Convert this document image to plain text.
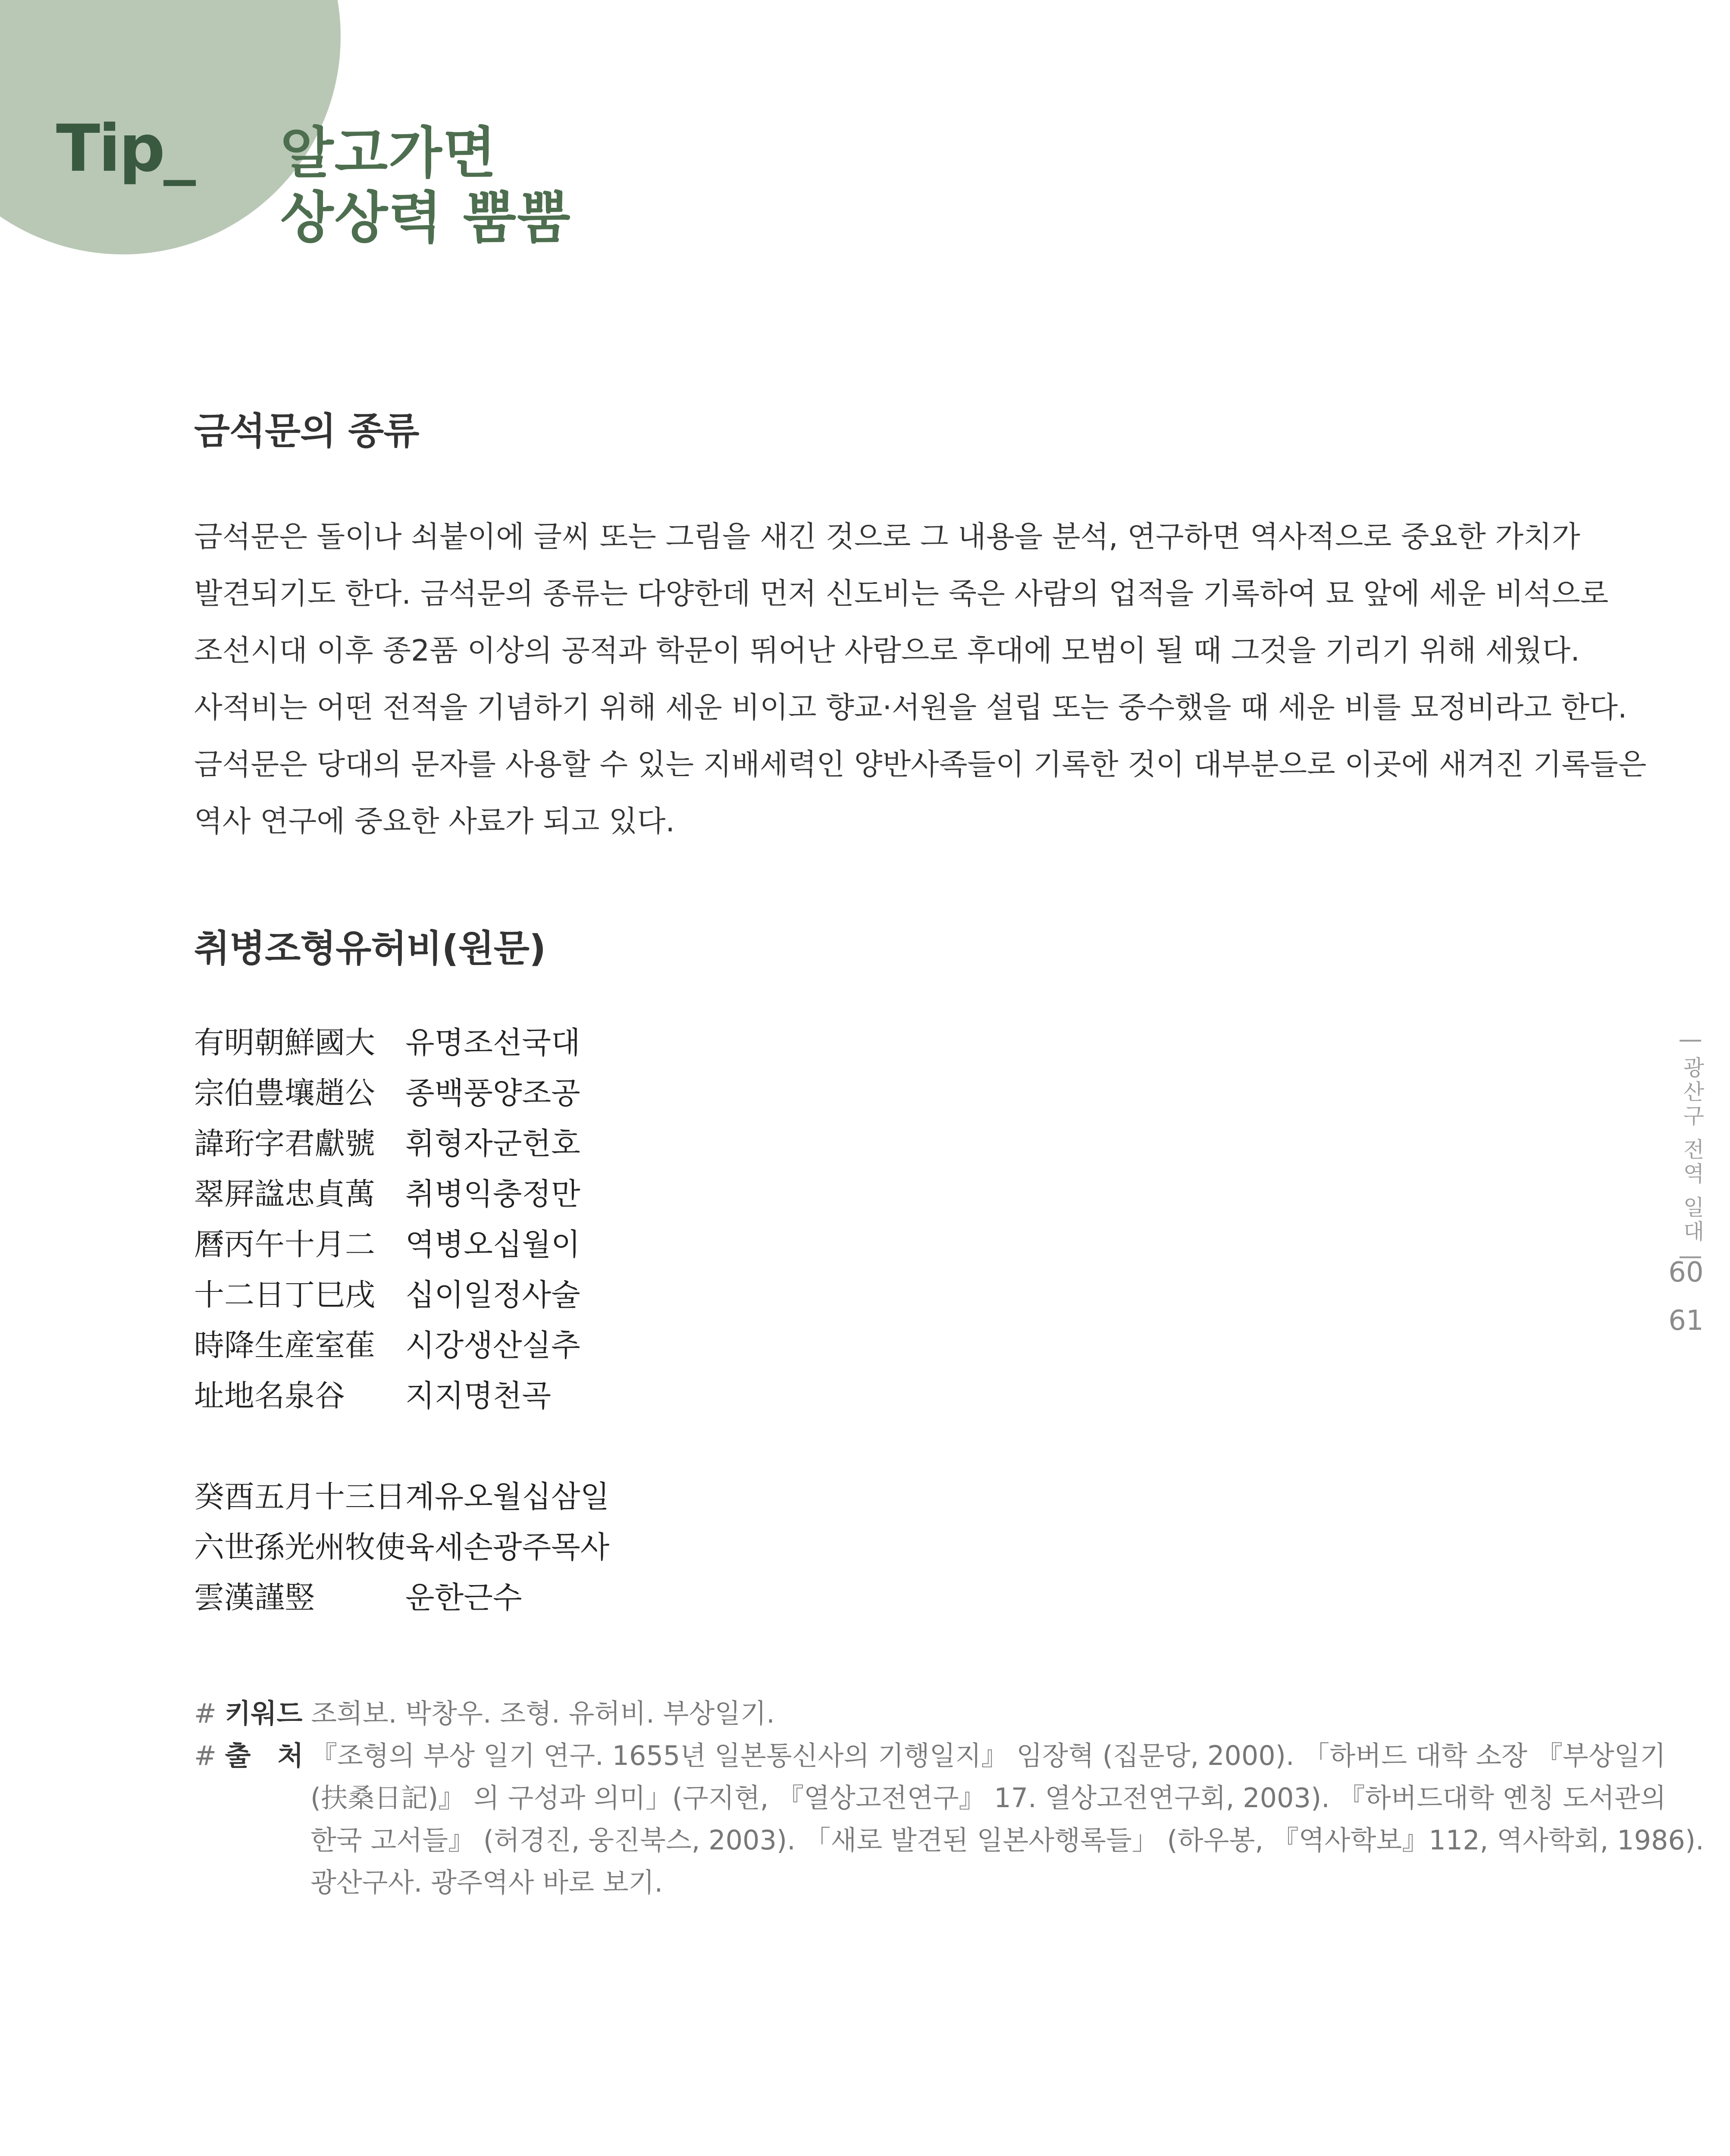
Tip_ 알고가면
상상력 뿜뿜
금석문의 종류
금석문은 돌이나 쇠붙이에 글씨 또는 그림을 새긴 것으로 그 내용을 분석, 연구하면 역사적으로 중요한 가치가
발견되기도 한다. 금석문의 종류는 다양한데 먼저 신도비는 죽은 사람의 업적을 기록하여 묘 앞에 세운 비석으로
조선시대 이후 종2품 이상의 공적과 학문이 뛰어난 사람으로 후대에 모범이 될 때 그것을 기리기 위해 세웠다.
사적비는 어떤 전적을 기념하기 위해 세운 비이고 향교·서원을 설립 또는 중수했을 때 세운 비를 묘정비라고 한다.
금석문은 당대의 문자를 사용할 수 있는 지배세력인 양반사족들이 기록한 것이 대부분으로 이곳에 새겨진 기록들은
역사 연구에 중요한 사료가 되고 있다.
취병조형유허비(원문)
有明朝鮮國大	유명조선국대
宗伯豊壤趙公	종백풍양조공
諱珩字君獻號	휘형자군헌호
翠屛諡忠貞萬	취병익충정만
曆丙午十月二	역병오십월이
十二日丁巳戌	십이일정사술
時降生産室萑	시강생산실추
址地名泉谷	지지명천곡
癸酉五月十三日 계유오월십삼일
六世孫光州牧使 육세손광주목사
雲漢謹竪	운한근수
# 키워드 조희보. 박창우. 조형. 유허비. 부상일기.
# 출　처 『조형의 부상 일기 연구. 1655년 일본통신사의 기행일지』 임장혁 (집문당, 2000). 「하버드 대학 소장 『부상일기
(扶桑日記)』 의 구성과 의미」(구지현, 『열상고전연구』 17. 열상고전연구회, 2003). 『하버드대학 옌칭 도서관의
한국 고서들』 (허경진, 웅진북스, 2003). 「새로 발견된 일본사행록들」 (하우봉, 『역사학보』112, 역사학회, 1986).
광산구사. 광주역사 바로 보기.
| 광산구 전역 일대 |
60
61
